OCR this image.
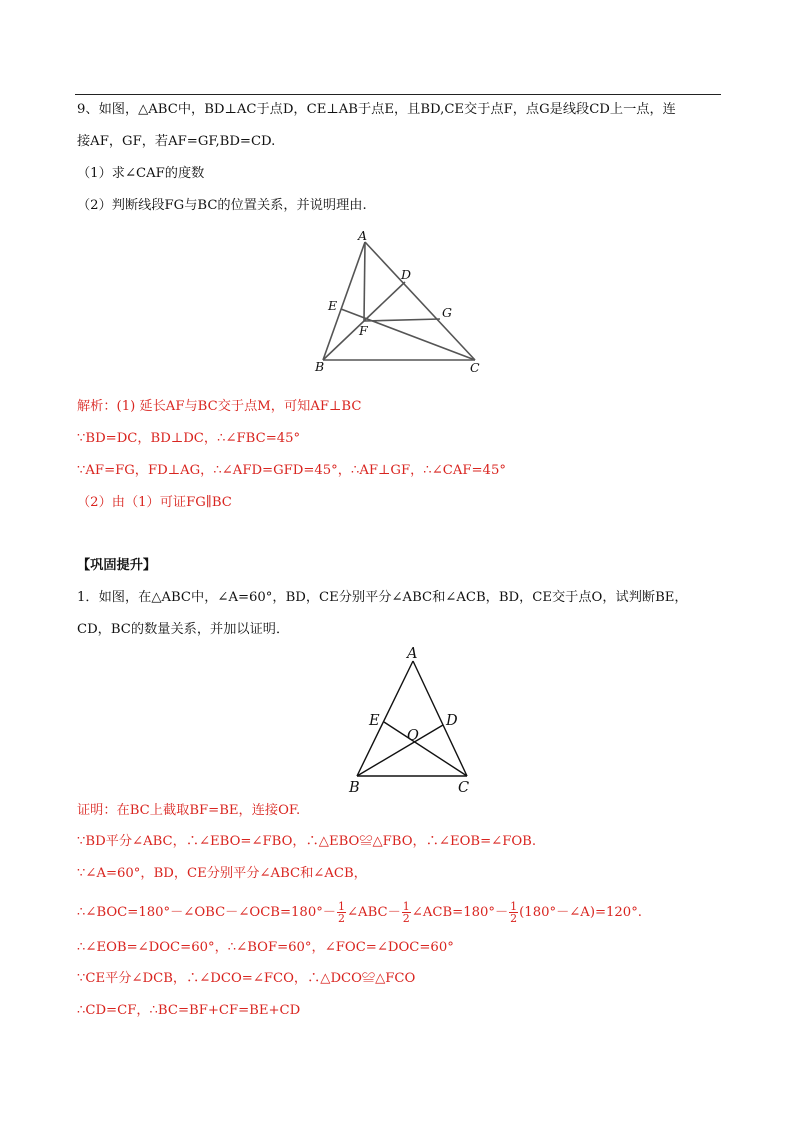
9、如图，△ABC中，BD⊥AC于点D，CE⊥AB于点E，且BD,CE交于点F，点G是线段CD上一点，连
接AF，GF，若AF=GF,BD=CD.
（1）求∠CAF的度数
（2）判断线段FG与BC的位置关系，并说明理由.
A
D
E	G
F
B	C
解析：(1) 延长AF与BC交于点M，可知AF⊥BC
∵BD=DC，BD⊥DC，∴∠FBC=45°
∵AF=FG，FD⊥AG，∴∠AFD=GFD=45°，∴AF⊥GF，∴∠CAF=45°
（2）由（1）可证FG∥BC
【巩固提升】
1．如图，在△ABC中，∠A=60°，BD，CE分别平分∠ABC和∠ACB，BD，CE交于点O，试判断BE，
CD，BC的数量关系，并加以证明．
A
E	D
O
B	C
证明：在BC上截取BF=BE，连接OF.
∵BD平分∠ABC，∴∠EBO=∠FBO，∴△EBO≌△FBO，∴∠EOB=∠FOB.
∵∠A=60°，BD，CE分别平分∠ABC和∠ACB，
∴∠BOC=180°－∠OBC－∠OCB=180°－ $\frac{1}{2}$ ∠ABC－ $\frac{1}{2}$ ∠ACB=180°－ $\frac{1}{2}$ (180°－∠A)=120°.
∴∠EOB=∠DOC=60°，∴∠BOF=60°，∠FOC=∠DOC=60°
∵CE平分∠DCB，∴∠DCO=∠FCO，∴△DCO≌△FCO
∴CD=CF，∴BC=BF+CF=BE+CD
